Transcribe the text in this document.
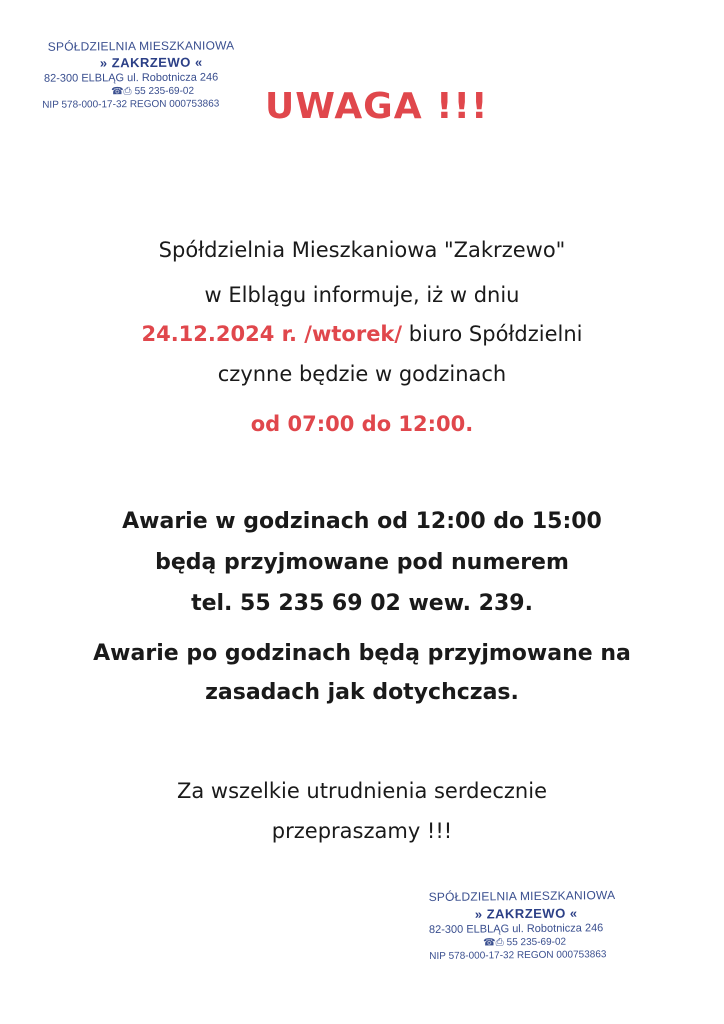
SPÓŁDZIELNIA MIESZKANIOWA
» ZAKRZEWO «
82-300 ELBLĄG ul. Robotnicza 246
☎⎙ 55 235-69-02
NIP 578-000-17-32 REGON 000753863 UWAGA !!!
Spółdzielnia Mieszkaniowa "Zakrzewo"
w Elblągu informuje, iż w dniu
24.12.2024 r. /wtorek/ biuro Spółdzielni
czynne będzie w godzinach
od 07:00 do 12:00.
Awarie w godzinach od 12:00 do 15:00
będą przyjmowane pod numerem
tel. 55 235 69 02 wew. 239.
Awarie po godzinach będą przyjmowane na
zasadach jak dotychczas.
Za wszelkie utrudnienia serdecznie
przepraszamy !!!
SPÓŁDZIELNIA MIESZKANIOWA
» ZAKRZEWO «
82-300 ELBLĄG ul. Robotnicza 246
☎⎙ 55 235-69-02
NIP 578-000-17-32 REGON 000753863
